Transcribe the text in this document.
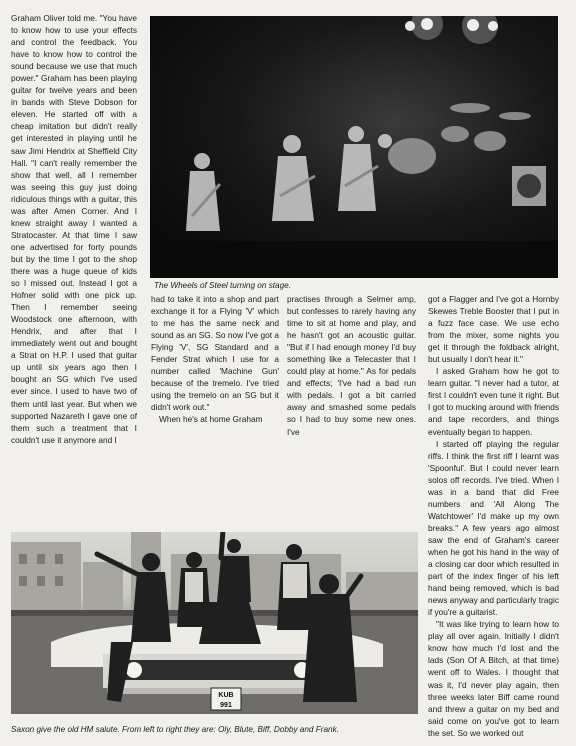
Graham Oliver told me. "You have to know how to use your effects and control the feedback. You have to know how to control the sound because we use that much power." Graham has been playing guitar for twelve years and been in bands with Steve Dobson for eleven. He started off with a cheap imitation but didn't really get interested in playing until he saw Jimi Hendrix at Sheffield City Hall. "I can't really remember the show that well, all I remember was seeing this guy just doing ridiculous things with a guitar, this was after Amen Corner. And I knew straight away I wanted a Stratocaster. At that time I saw one advertised for forty pounds but by the time I got to the shop there was a huge queue of kids so I missed out. Instead I got a Hofner solid with one pick up. Then I remember seeing Woodstock one afternoon, with Hendrix, and after that I immediately went out and bought a Strat on H.P. I used that guitar up until six years ago then I bought an SG which I've used ever since. I used to have two of them until last year. But when we supported Nazareth I gave one of them such a treatment that I couldn't use it anymore and I

The Wheels of Steel turning on stage.

had to take it into a shop and part exchange it for a Flying 'V' which to me has the same neck and sound as an SG. So now I've got a Flying 'V', SG Standard and a Fender Strat which I use for a number called 'Machine Gun' because of the tremelo. I've tried using the tremelo on an SG but it didn't work out."

When he's at home Graham

practises through a Selmer amp, but confesses to rarely having any time to sit at home and play, and he hasn't got an acoustic guitar. "But if I had enough money I'd buy something like a Telecaster that I could play at home." As for pedals and effects; 'I've had a bad run with pedals. I got a bit carried away and smashed some pedals so I had to buy some new ones. I've

got a Flagger and I've got a Hornby Skewes Treble Booster that I put in a fuzz face case. We use echo from the mixer, some nights you get it through the foldback alright, but usually I don't hear it."

I asked Graham how he got to learn guitar. "I never had a tutor, at first I couldn't even tune it right. But I got to mucking around with friends and tape recorders, and things eventually began to happen.

I started off playing the regular riffs. I think the first riff I learnt was 'Spoonful'. But I could never learn solos off records. I've tried. When I was in a band that did Free numbers and 'All Along The Watchtower' I'd make up my own breaks." A few years ago almost saw the end of Graham's career when he got his hand in the way of a closing car door which resulted in part of the index finger of his left hand being removed, which is bad news anyway and particularly tragic if you're a guitarist.

"It was like trying to learn how to play all over again. Initially I didn't know how much I'd lost and the lads (Son Of A Bitch, at that time) went off to Wales. I thought that was it, I'd never play again, then three weeks later Biff came round and threw a guitar on my bed and said come on you've got to learn the set. So we worked out

KUB
991
Saxon give the old HM salute. From left to right they are: Oly, Blute, Biff, Dobby and Frank.
